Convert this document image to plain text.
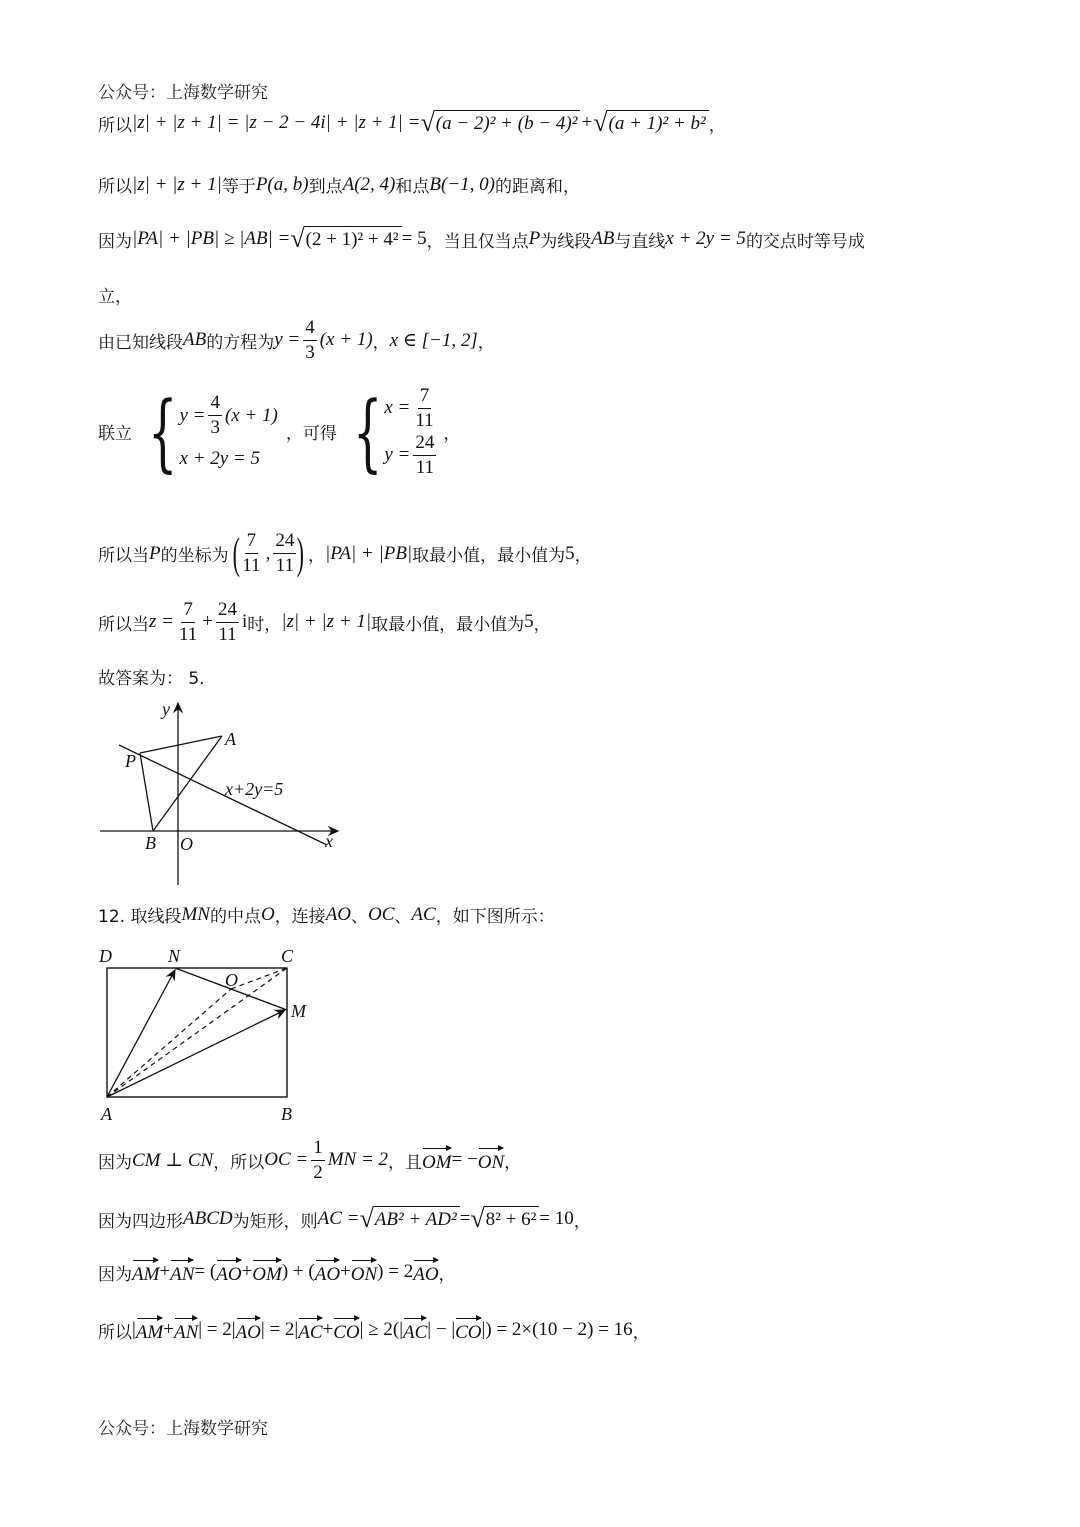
公众号：上海数学研究
所以 |z| + |z + 1| = |z − 2 − 4i| + |z + 1| = √ (a − 2)² + (b − 4)² + √ (a + 1)² + b² ，
所以 |z| + |z + 1| 等于 P(a, b) 到点 A(2, 4) 和点 B(−1, 0) 的距离和，
因为 |PA| + |PB| ≥ |AB| = √ (2 + 1)² + 4² = 5 ，当且仅当点 P 为线段 AB 与直线 x + 2y = 5 的交点时等号成
立，
由已知线段 AB 的方程为 $y = \frac{4}{3} (x + 1)$ ， x ∈ [−1, 2] ，
联立 { $y = \frac{4}{3} (x + 1)$
x + 2y = 5
，可得 { $x = \frac{7}{11}$
$y = \frac{24}{11}$ ，
所以当 P 的坐标为 ( $\frac{7}{11}$ , $\frac{24}{11}$ ) ， |PA| + |PB| 取最小值，最小值为 5 ，
所以当 $z = \frac{7}{11} + \frac{24}{11}$ i 时， |z| + |z + 1| 取最小值，最小值为 5 ，
故答案为： 5．
y
x
A
P
B O
x+2y=5
12. 取线段 MN 的中点 O ，连接 AO 、 OC 、 AC ，如下图所示：
D	N	C
O
M
A	B
因为 CM ⊥ CN ，所以 OC = $\frac{1}{2}$ MN = 2 ，且 OM = − ON ，
因为四边形 ABCD 为矩形，则 AC = √ AB² + AD² = √ 8² + 6² = 10 ，
因为 AM + AN = ( AO + OM ) + ( AO + ON ) = 2 AO ，
所以 | AM + AN | = 2| AO | = 2| AC + CO | ≥ 2(| AC | − | CO |) = 2×(10 − 2) = 16 ，
公众号：上海数学研究
